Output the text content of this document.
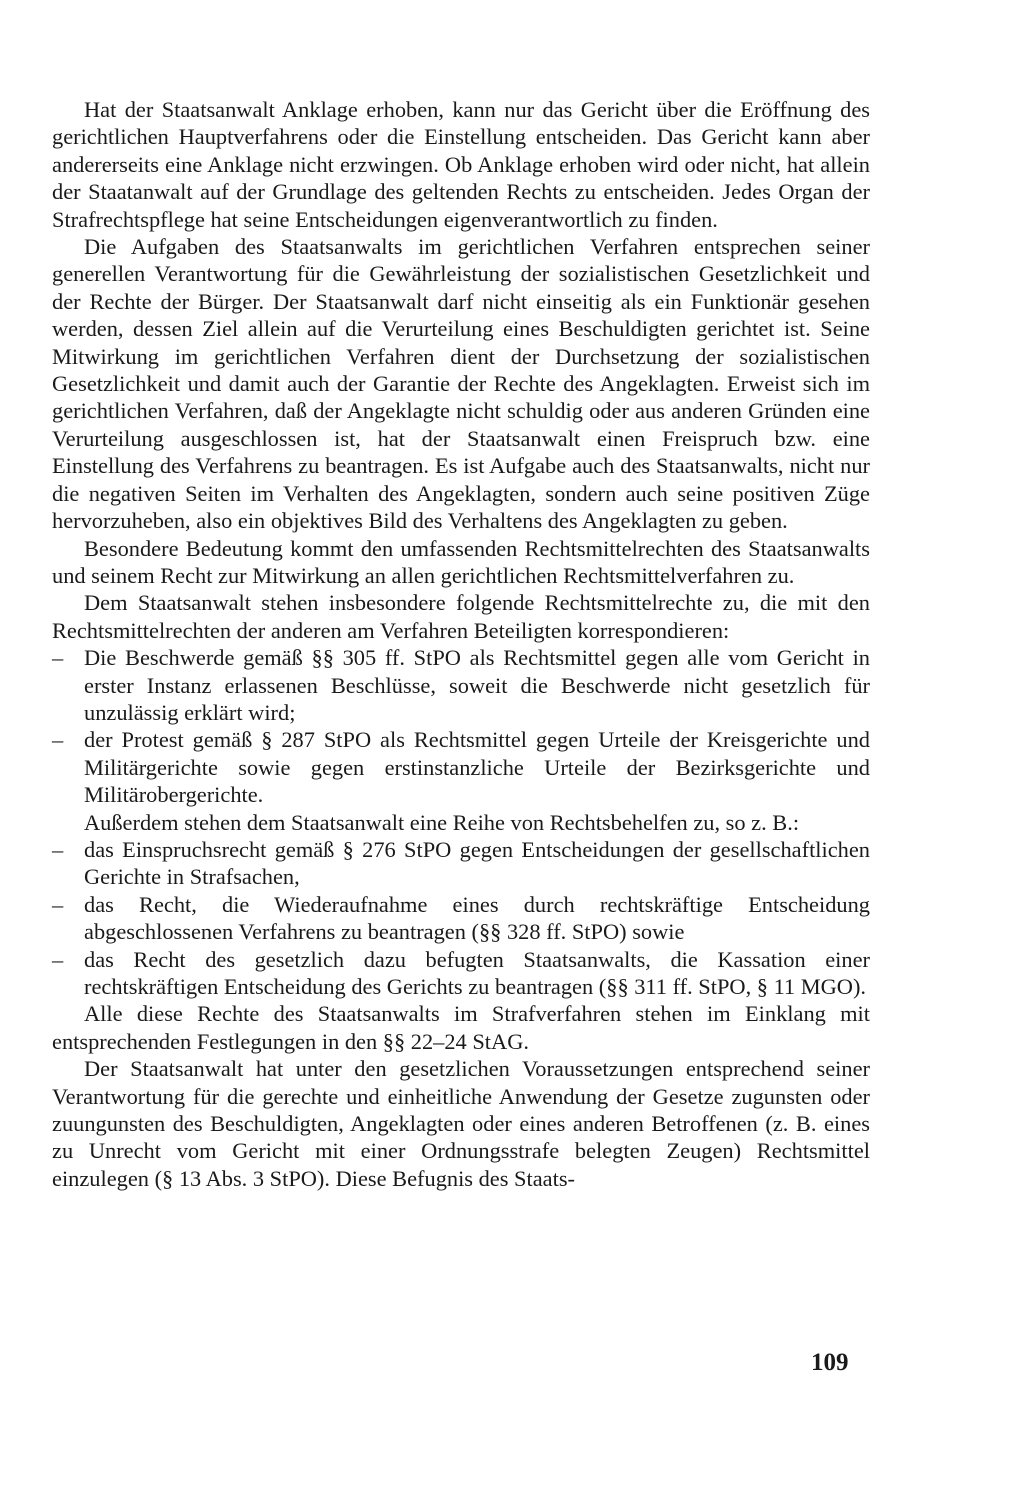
Hat der Staatsanwalt Anklage erhoben, kann nur das Gericht über die Eröffnung des gerichtlichen Hauptverfahrens oder die Einstellung entscheiden. Das Gericht kann aber andererseits eine Anklage nicht erzwingen. Ob Anklage erhoben wird oder nicht, hat allein der Staatanwalt auf der Grundlage des geltenden Rechts zu entscheiden. Jedes Organ der Strafrechtspflege hat seine Entscheidungen eigenverantwortlich zu finden.

Die Aufgaben des Staatsanwalts im gerichtlichen Verfahren entsprechen seiner generellen Verantwortung für die Gewährleistung der sozialistischen Gesetzlichkeit und der Rechte der Bürger. Der Staatsanwalt darf nicht einseitig als ein Funktionär gesehen werden, dessen Ziel allein auf die Verurteilung eines Beschuldigten gerichtet ist. Seine Mitwirkung im gerichtlichen Verfahren dient der Durchsetzung der sozialistischen Gesetzlichkeit und damit auch der Garantie der Rechte des Angeklagten. Erweist sich im gerichtlichen Verfahren, daß der Angeklagte nicht schuldig oder aus anderen Gründen eine Verurteilung ausgeschlossen ist, hat der Staatsanwalt einen Freispruch bzw. eine Einstellung des Verfahrens zu beantragen. Es ist Aufgabe auch des Staatsanwalts, nicht nur die negativen Seiten im Verhalten des Angeklagten, sondern auch seine positiven Züge hervorzuheben, also ein objektives Bild des Verhaltens des Angeklagten zu geben.

Besondere Bedeutung kommt den umfassenden Rechtsmittelrechten des Staatsanwalts und seinem Recht zur Mitwirkung an allen gerichtlichen Rechtsmittelverfahren zu.

Dem Staatsanwalt stehen insbesondere folgende Rechtsmittelrechte zu, die mit den Rechtsmittelrechten der anderen am Verfahren Beteiligten korrespondieren:

– Die Beschwerde gemäß §§ 305 ff. StPO als Rechtsmittel gegen alle vom Gericht in erster Instanz erlassenen Beschlüsse, soweit die Beschwerde nicht gesetzlich für unzulässig erklärt wird;
– der Protest gemäß § 287 StPO als Rechtsmittel gegen Urteile der Kreisgerichte und Militärgerichte sowie gegen erstinstanzliche Urteile der Bezirksgerichte und Militärobergerichte.

Außerdem stehen dem Staatsanwalt eine Reihe von Rechtsbehelfen zu, so z. B.:

– das Einspruchsrecht gemäß § 276 StPO gegen Entscheidungen der gesellschaftlichen Gerichte in Strafsachen,
– das Recht, die Wiederaufnahme eines durch rechtskräftige Entscheidung abgeschlossenen Verfahrens zu beantragen (§§ 328 ff. StPO) sowie
– das Recht des gesetzlich dazu befugten Staatsanwalts, die Kassation einer rechtskräftigen Entscheidung des Gerichts zu beantragen (§§ 311 ff. StPO, § 11 MGO).

Alle diese Rechte des Staatsanwalts im Strafverfahren stehen im Einklang mit entsprechenden Festlegungen in den §§ 22–24 StAG.

Der Staatsanwalt hat unter den gesetzlichen Voraussetzungen entsprechend seiner Verantwortung für die gerechte und einheitliche Anwendung der Gesetze zugunsten oder zuungunsten des Beschuldigten, Angeklagten oder eines anderen Betroffenen (z. B. eines zu Unrecht vom Gericht mit einer Ordnungsstrafe belegten Zeugen) Rechtsmittel einzulegen (§ 13 Abs. 3 StPO). Diese Befugnis des Staats-

109
